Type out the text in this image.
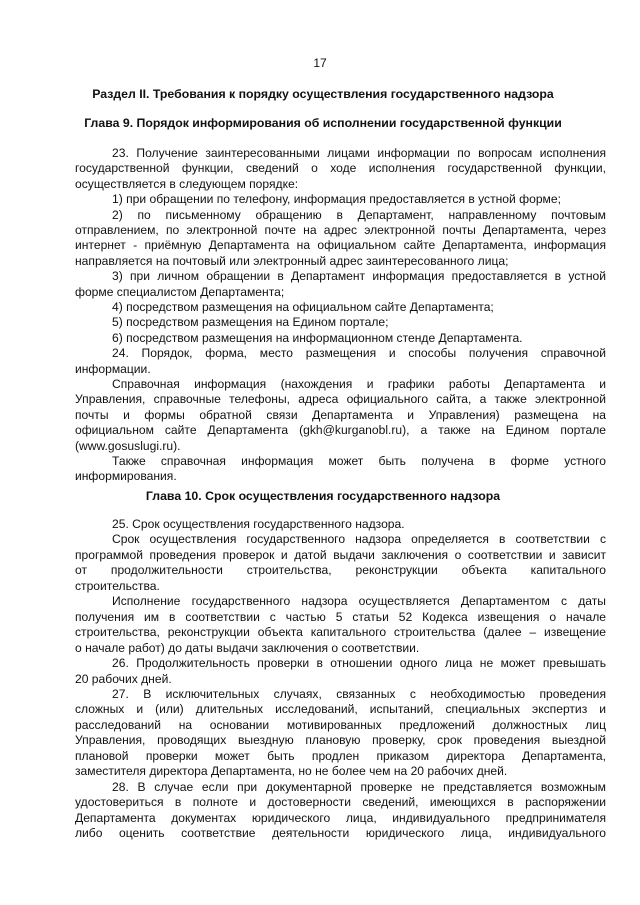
17
Раздел II. Требования к порядку осуществления государственного надзора
Глава 9. Порядок информирования об исполнении государственной функции
23. Получение заинтересованными лицами информации по вопросам исполнения
государственной функции, сведений о ходе исполнения государственной функции,
осуществляется в следующем порядке:
1) при обращении по телефону, информация предоставляется в устной форме;
2) по письменному обращению в Департамент, направленному почтовым
отправлением, по электронной почте на адрес электронной почты Департамента, через
интернет - приёмную Департамента на официальном сайте Департамента, информация
направляется на почтовый или электронный адрес заинтересованного лица;
3) при личном обращении в Департамент информация предоставляется в устной
форме специалистом Департамента;
4) посредством размещения на официальном сайте Департамента;
5) посредством размещения на Едином портале;
6) посредством размещения на информационном стенде Департамента.
24. Порядок, форма, место размещения и способы получения справочной
информации.
Справочная информация (нахождения и графики работы Департамента и
Управления, справочные телефоны, адреса официального сайта, а также электронной
почты и формы обратной связи Департамента и Управления) размещена на
официальном сайте Департамента (gkh@kurganobl.ru), а также на Едином портале
(www.gosuslugi.ru).
Также справочная информация может быть получена в форме устного
информирования.
Глава 10. Срок осуществления государственного надзора
25. Срок осуществления государственного надзора.
Срок осуществления государственного надзора определяется в соответствии с
программой проведения проверок и датой выдачи заключения о соответствии и зависит
от продолжительности строительства, реконструкции объекта капитального
строительства.
Исполнение государственного надзора осуществляется Департаментом с даты
получения им в соответствии с частью 5 статьи 52 Кодекса извещения о начале
строительства, реконструкции объекта капитального строительства (далее – извещение
о начале работ) до даты выдачи заключения о соответствии.
26. Продолжительность проверки в отношении одного лица не может превышать
20 рабочих дней.
27. В исключительных случаях, связанных с необходимостью проведения
сложных и (или) длительных исследований, испытаний, специальных экспертиз и
расследований на основании мотивированных предложений должностных лиц
Управления, проводящих выездную плановую проверку, срок проведения выездной
плановой проверки может быть продлен приказом директора Департамента,
заместителя директора Департамента, но не более чем на 20 рабочих дней.
28. В случае если при документарной проверке не представляется возможным
удостовериться в полноте и достоверности сведений, имеющихся в распоряжении
Департамента документах юридического лица, индивидуального предпринимателя
либо оценить соответствие деятельности юридического лица, индивидуального
